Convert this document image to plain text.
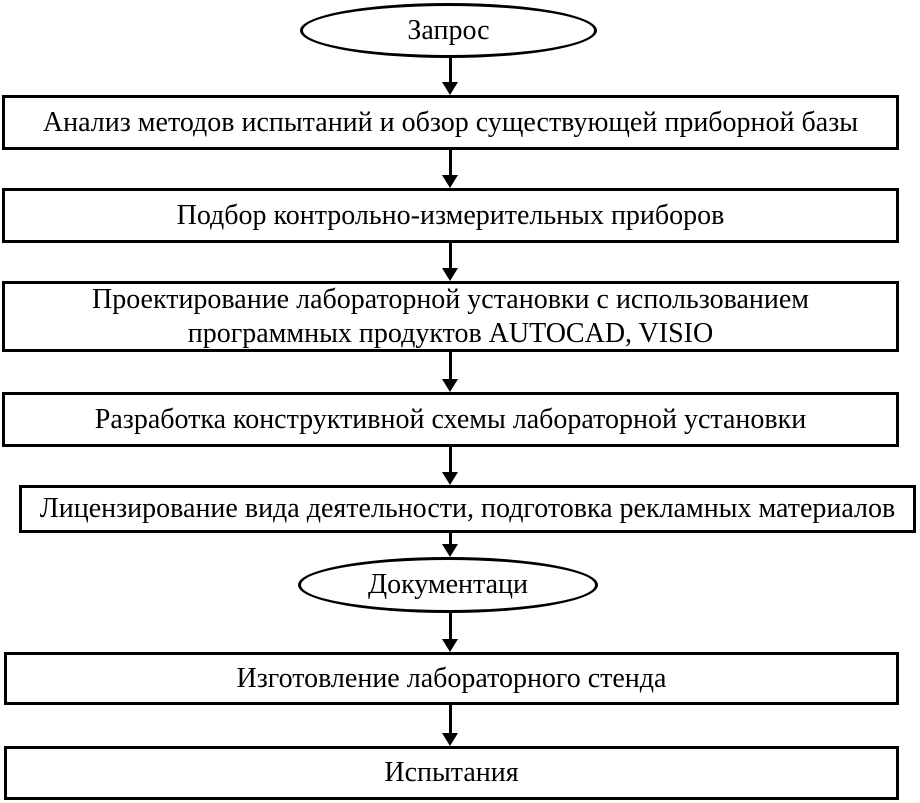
Запрос
Анализ методов испытаний и обзор существующей приборной базы
Подбор контрольно-измерительных приборов
Проектирование лабораторной установки с использованием программных продуктов AUTOCAD, VISIO
Разработка конструктивной схемы лабораторной установки
Лицензирование вида деятельности, подготовка рекламных материалов
Документаци
Изготовление лабораторного стенда
Испытания
